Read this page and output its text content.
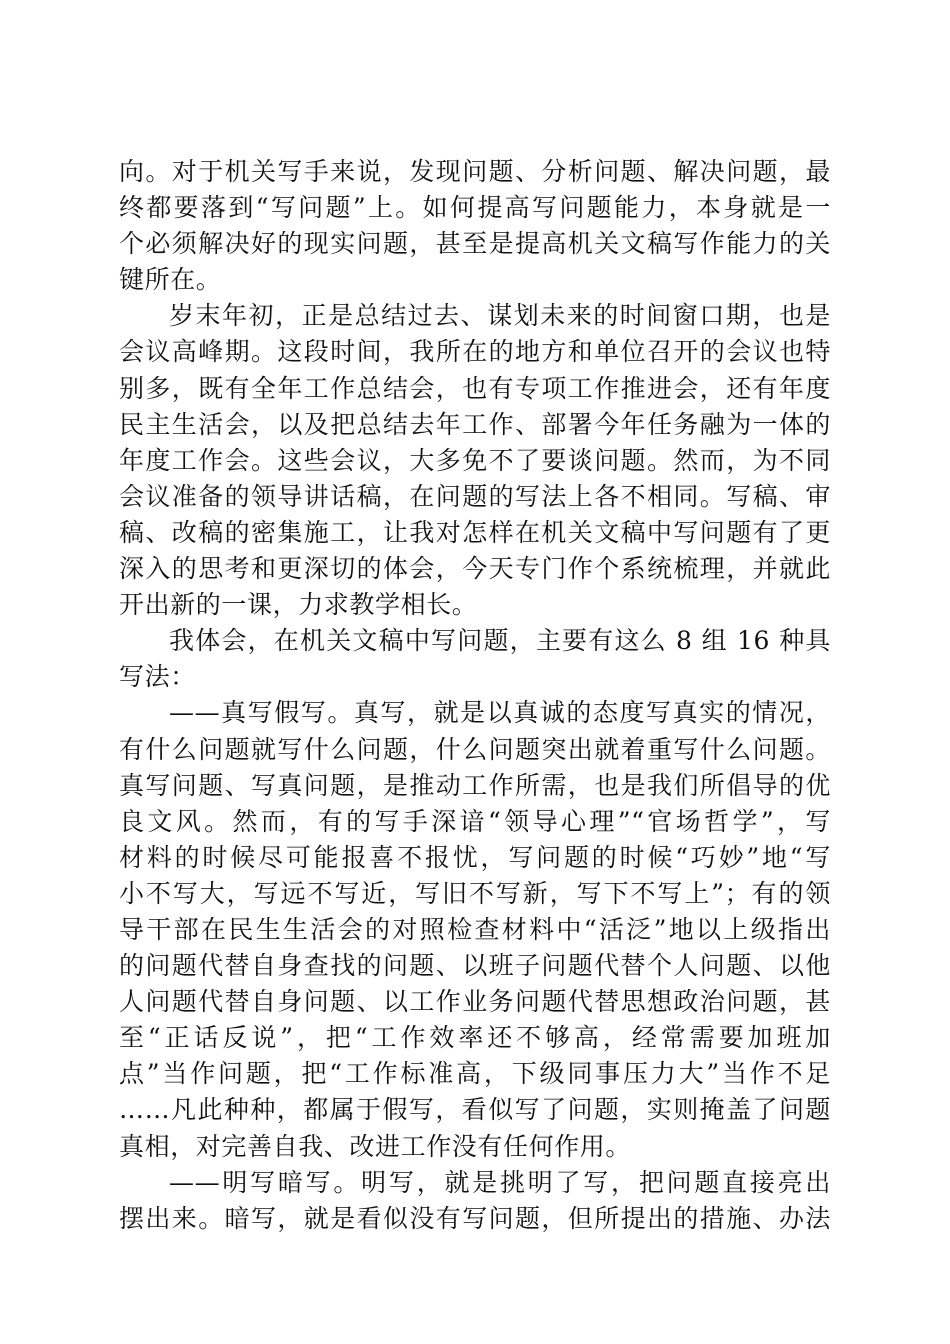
向。对于机关写手来说，发现问题、分析问题、解决问题，最
终都要落到“写问题”上。如何提高写问题能力，本身就是一
个必须解决好的现实问题，甚至是提高机关文稿写作能力的关
键所在。
岁末年初，正是总结过去、谋划未来的时间窗口期，也是
会议高峰期。这段时间，我所在的地方和单位召开的会议也特
别多，既有全年工作总结会，也有专项工作推进会，还有年度
民主生活会，以及把总结去年工作、部署今年任务融为一体的
年度工作会。这些会议，大多免不了要谈问题。然而，为不同
会议准备的领导讲话稿，在问题的写法上各不相同。写稿、审
稿、改稿的密集施工，让我对怎样在机关文稿中写问题有了更
深入的思考和更深切的体会，今天专门作个系统梳理，并就此
开出新的一课，力求教学相长。
我体会，在机关文稿中写问题，主要有这么 8 组 16 种具
写法：
——真写假写。真写，就是以真诚的态度写真实的情况，
有什么问题就写什么问题，什么问题突出就着重写什么问题。
真写问题、写真问题，是推动工作所需，也是我们所倡导的优
良文风。然而，有的写手深谙“领导心理”“官场哲学”，写
材料的时候尽可能报喜不报忧，写问题的时候“巧妙”地“写
小不写大，写远不写近，写旧不写新，写下不写上”；有的领
导干部在民生生活会的对照检查材料中“活泛”地以上级指出
的问题代替自身查找的问题、以班子问题代替个人问题、以他
人问题代替自身问题、以工作业务问题代替思想政治问题，甚
至“正话反说”，把“工作效率还不够高，经常需要加班加
点”当作问题，把“工作标准高，下级同事压力大”当作不足
……凡此种种，都属于假写，看似写了问题，实则掩盖了问题
真相，对完善自我、改进工作没有任何作用。
——明写暗写。明写，就是挑明了写，把问题直接亮出
摆出来。暗写，就是看似没有写问题，但所提出的措施、办法
